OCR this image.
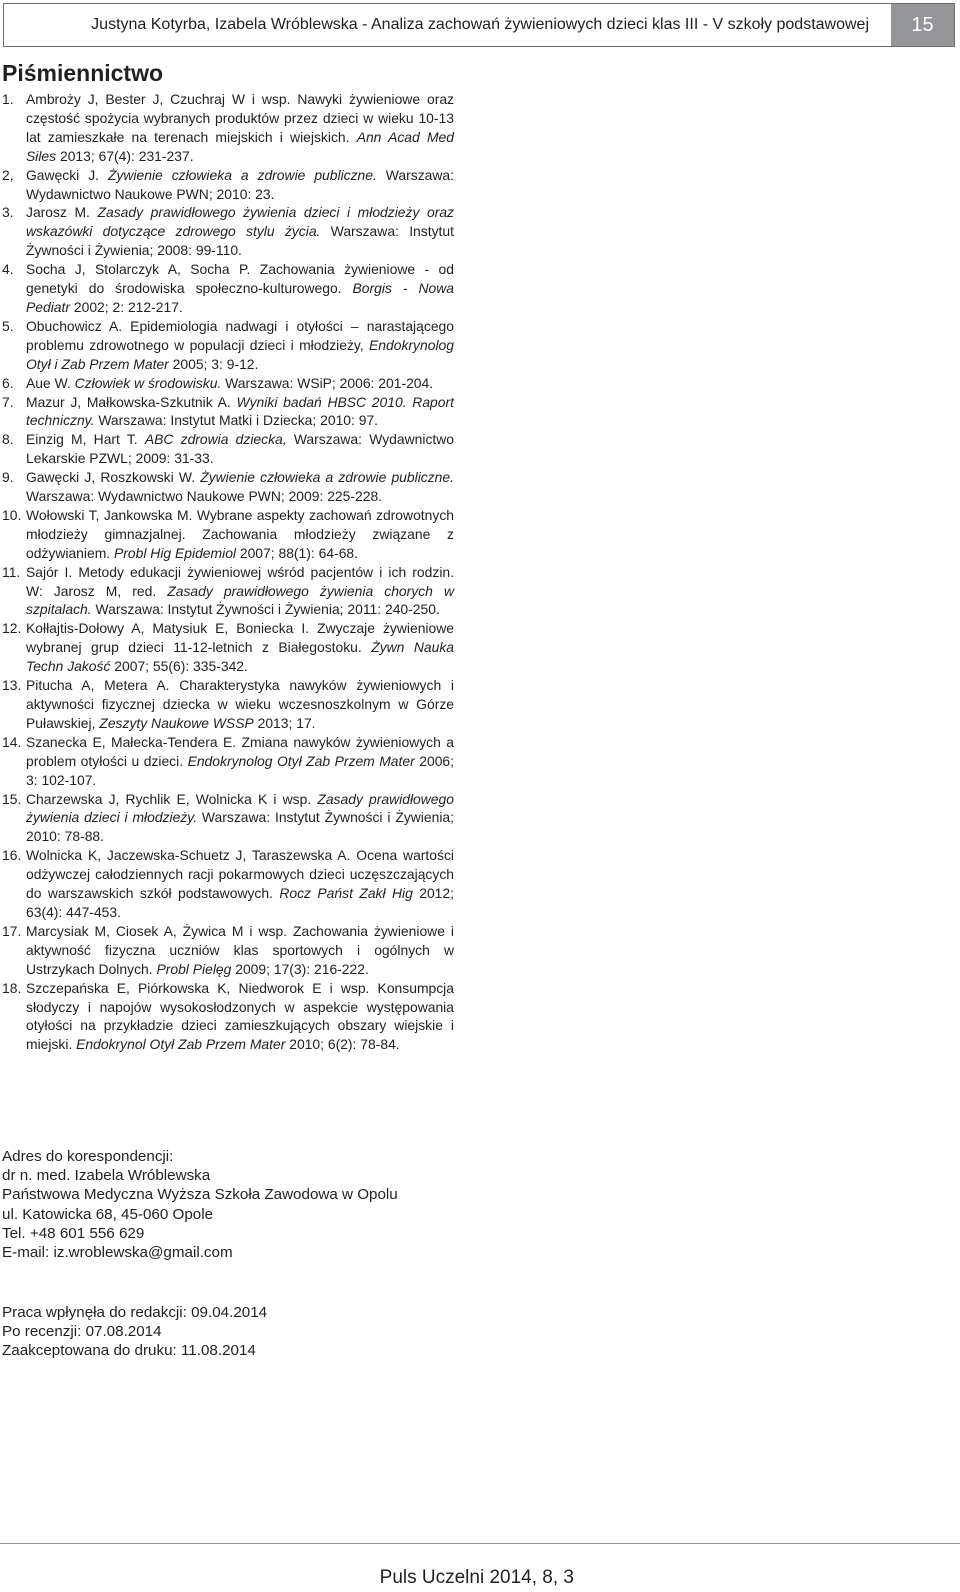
Justyna Kotyrba, Izabela Wróblewska - Analiza zachowań żywieniowych dzieci klas III - V szkoły podstawowej	15
Piśmiennictwo

1. Ambroży J, Bester J, Czuchraj W i wsp. Nawyki żywieniowe oraz częstość spożycia wybranych produktów przez dzieci w wieku 10-13 lat zamieszkałe na terenach miejskich i wiejskich. Ann Acad Med Siles 2013; 67(4): 231-237.

2, Gawęcki J. Żywienie człowieka a zdrowie publiczne. Warszawa: Wydawnictwo Naukowe PWN; 2010: 23.

3. Jarosz M. Zasady prawidłowego żywienia dzieci i młodzieży oraz wskazówki dotyczące zdrowego stylu życia. Warszawa: Instytut Żywności i Żywienia; 2008: 99-110.

4. Socha J, Stolarczyk A, Socha P. Zachowania żywieniowe - od genetyki do środowiska społeczno-kulturowego. Borgis - Nowa Pediatr 2002; 2: 212-217.

5. Obuchowicz A. Epidemiologia nadwagi i otyłości – narastającego problemu zdrowotnego w populacji dzieci i młodzieży, Endokrynolog Otył i Zab Przem Mater 2005; 3: 9-12.

6. Aue W. Człowiek w środowisku. Warszawa: WSiP; 2006: 201-204.

7. Mazur J, Małkowska-Szkutnik A. Wyniki badań HBSC 2010. Raport techniczny. Warszawa: Instytut Matki i Dziecka; 2010: 97.

8. Einzig M, Hart T. ABC zdrowia dziecka, Warszawa: Wydawnictwo Lekarskie PZWL; 2009: 31-33.

9. Gawęcki J, Roszkowski W. Żywienie człowieka a zdrowie publiczne. Warszawa: Wydawnictwo Naukowe PWN; 2009: 225-228.

10. Wołowski T, Jankowska M. Wybrane aspekty zachowań zdrowotnych młodzieży gimnazjalnej. Zachowania młodzieży związane z odżywianiem. Probl Hig Epidemiol 2007; 88(1): 64-68.

11. Sajór I. Metody edukacji żywieniowej wśród pacjentów i ich rodzin. W: Jarosz M, red. Zasady prawidłowego żywienia chorych w szpitalach. Warszawa: Instytut Żywności i Żywienia; 2011: 240-250.

12. Kołłajtis-Dołowy A, Matysiuk E, Boniecka I. Zwyczaje żywieniowe wybranej grup dzieci 11-12-letnich z Białegostoku. Żywn Nauka Techn Jakość 2007; 55(6): 335-342.

13. Pitucha A, Metera A. Charakterystyka nawyków żywieniowych i aktywności fizycznej dziecka w wieku wczesnoszkolnym w Górze Puławskiej, Zeszyty Naukowe WSSP 2013; 17.

14. Szanecka E, Małecka-Tendera E. Zmiana nawyków żywieniowych a problem otyłości u dzieci. Endokrynolog Otył Zab Przem Mater 2006; 3: 102-107.

15. Charzewska J, Rychlik E, Wolnicka K i wsp. Zasady prawidłowego żywienia dzieci i młodzieży. Warszawa: Instytut Żywności i Żywienia; 2010: 78-88.

16. Wolnicka K, Jaczewska-Schuetz J, Taraszewska A. Ocena wartości odżywczej całodziennych racji pokarmowych dzieci uczęszczających do warszawskich szkół podstawowych. Rocz Państ Zakł Hig 2012; 63(4): 447-453.

17. Marcysiak M, Ciosek A, Żywica M i wsp. Zachowania żywieniowe i aktywność fizyczna uczniów klas sportowych i ogólnych w Ustrzykach Dolnych. Probl Pielęg 2009; 17(3): 216-222.

18. Szczepańska E, Piórkowska K, Niedworok E i wsp. Konsumpcja słodyczy i napojów wysokosłodzonych w aspekcie występowania otyłości na przykładzie dzieci zamieszkujących obszary wiejskie i miejski. Endokrynol Otył Zab Przem Mater 2010; 6(2): 78-84.

Adres do korespondencji:
dr n. med. Izabela Wróblewska
Państwowa Medyczna Wyższa Szkoła Zawodowa w Opolu
ul. Katowicka 68, 45-060 Opole
Tel. +48 601 556 629
E-mail: iz.wroblewska@gmail.com
Praca wpłynęła do redakcji: 09.04.2014
Po recenzji: 07.08.2014
Zaakceptowana do druku: 11.08.2014
Puls Uczelni 2014, 8, 3
